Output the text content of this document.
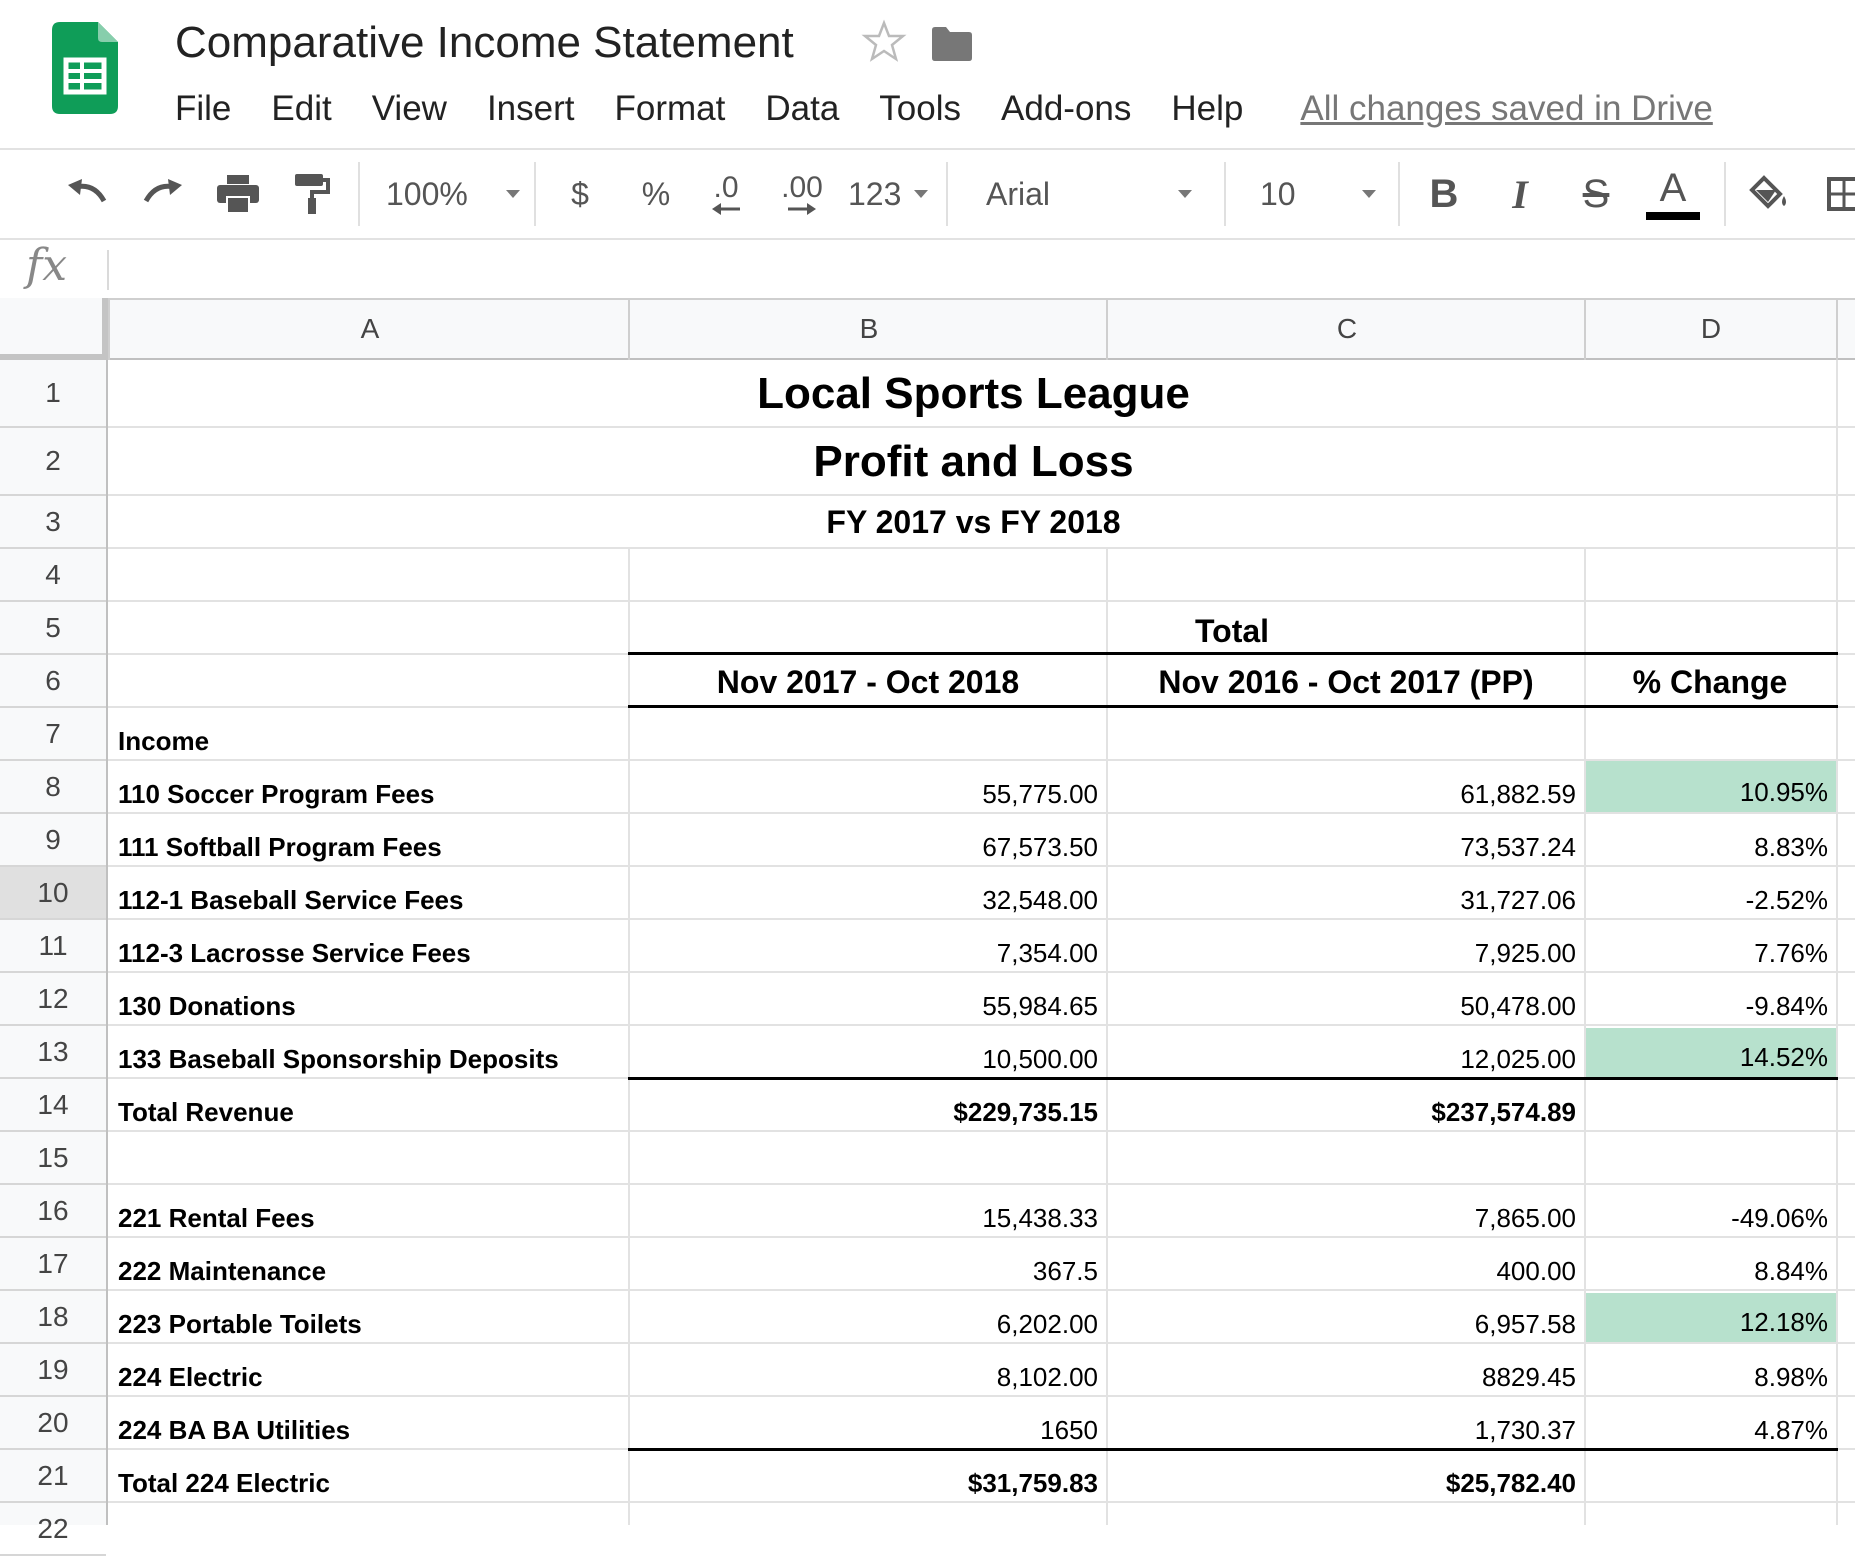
Comparative Income Statement
File Edit View Insert Format Data Tools Add-ons Help All changes saved in Drive
100%	$ % .0 .00 123	Arial	10	B I S A
fx
A	B	C	D
1
2
3
4
5
6
7
8
9
10
11
12
13
14
15
16
17
18
19
20
21
22
Local Sports League
Profit and Loss
FY 2017 vs FY 2018
Total
Nov 2017 - Oct 2018	Nov 2016 - Oct 2017 (PP)	% Change
Income
110 Soccer Program Fees	55,775.00	61,882.59	10.95%
111 Softball Program Fees	67,573.50	73,537.24	8.83%
112-1 Baseball Service Fees	32,548.00	31,727.06	-2.52%
112-3 Lacrosse Service Fees	7,354.00	7,925.00	7.76%
130 Donations	55,984.65	50,478.00	-9.84%
133 Baseball Sponsorship Deposits	10,500.00	12,025.00	14.52%
Total Revenue	$229,735.15	$237,574.89
221 Rental Fees	15,438.33	7,865.00	-49.06%
222 Maintenance	367.5	400.00	8.84%
223 Portable Toilets	6,202.00	6,957.58	12.18%
224 Electric	8,102.00	8829.45	8.98%
224 BA BA Utilities	1650	1,730.37	4.87%
Total 224 Electric	$31,759.83	$25,782.40
